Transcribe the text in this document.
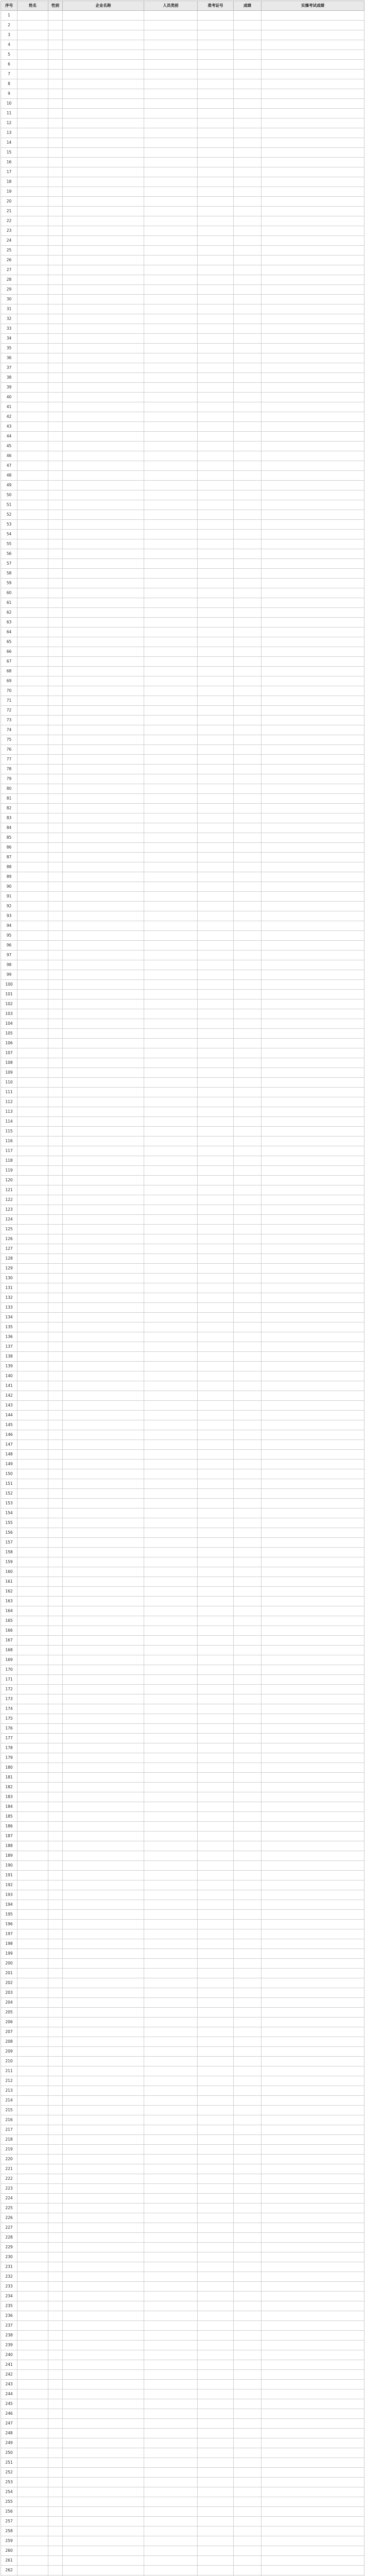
序号	姓名	性别	企业名称	人员类别	准考证号	成绩	实操考试成绩
1							
2							
3							
4							
5							
6							
7							
8							
9							
10							
11							
12							
13							
14							
15							
16							
17							
18							
19							
20							
21							
22							
23							
24							
25							
26							
27							
28							
29							
30							
31							
32							
33							
34							
35							
36							
37							
38							
39							
40							
41							
42							
43							
44							
45							
46							
47							
48							
49							
50							
51							
52							
53							
54							
55							
56							
57							
58							
59							
60							
61							
62							
63							
64							
65							
66							
67							
68							
69							
70							
71							
72							
73							
74							
75							
76							
77							
78							
79							
80							
81							
82							
83							
84							
85							
86							
87							
88							
89							
90							
91							
92							
93							
94							
95							
96							
97							
98							
99							
100							
101							
102							
103							
104							
105							
106							
107							
108							
109							
110							
111							
112							
113							
114							
115							
116							
117							
118							
119							
120							
121							
122							
123							
124							
125							
126							
127							
128							
129							
130							
131							
132							
133							
134							
135							
136							
137							
138							
139							
140							
141							
142							
143							
144							
145							
146							
147							
148							
149							
150							
151							
152							
153							
154							
155							
156							
157							
158							
159							
160							
161							
162							
163							
164							
165							
166							
167							
168							
169							
170							
171							
172							
173							
174							
175							
176							
177							
178							
179							
180							
181							
182							
183							
184							
185							
186							
187							
188							
189							
190							
191							
192							
193							
194							
195							
196							
197							
198							
199							
200							
201							
202							
203							
204							
205							
206							
207							
208							
209							
210							
211							
212							
213							
214							
215							
216							
217							
218							
219							
220							
221							
222							
223							
224							
225							
226							
227							
228							
229							
230							
231							
232							
233							
234							
235							
236							
237							
238							
239							
240							
241							
242							
243							
244							
245							
246							
247							
248							
249							
250							
251							
252							
253							
254							
255							
256							
257							
258							
259							
260							
261							
262							
